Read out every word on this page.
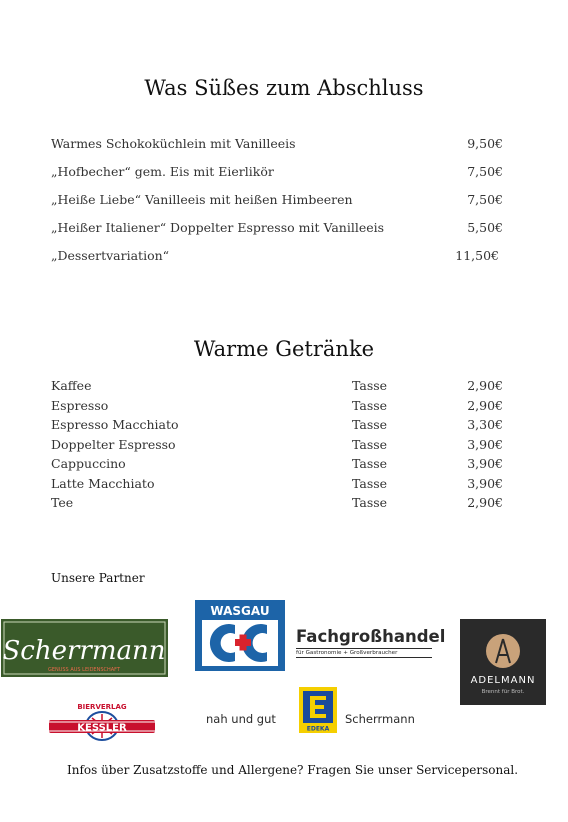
Was Süßes zum Abschluss
Warmes Schokoküchlein mit Vanilleeis	9,50€
„Hofbecher“ gem. Eis mit Eierlikör	7,50€
„Heiße Liebe“ Vanilleeis mit heißen Himbeeren	7,50€
„Heißer Italiener“ Doppelter Espresso mit Vanilleeis	5,50€
„Dessertvariation“	11,50€
Warme Getränke
Kaffee	Tasse	2,90€
Espresso	Tasse	2,90€
Espresso Macchiato	Tasse	3,30€
Doppelter Espresso	Tasse	3,90€
Cappuccino	Tasse	3,90€
Latte Macchiato	Tasse	3,90€
Tee	Tasse	2,90€
Unsere Partner
Scherrmann
GENUSS AUS LEIDENSCHAFT
WASGAU
Fachgroßhandel
für Gastronomie + Großverbraucher
ADELMANN
Brennt für Brot.
BIERVERLAG
KESSLER
nah und gut
EDEKA
Scherrmann
Infos über Zusatzstoffe und Allergene? Fragen Sie unser Servicepersonal.
